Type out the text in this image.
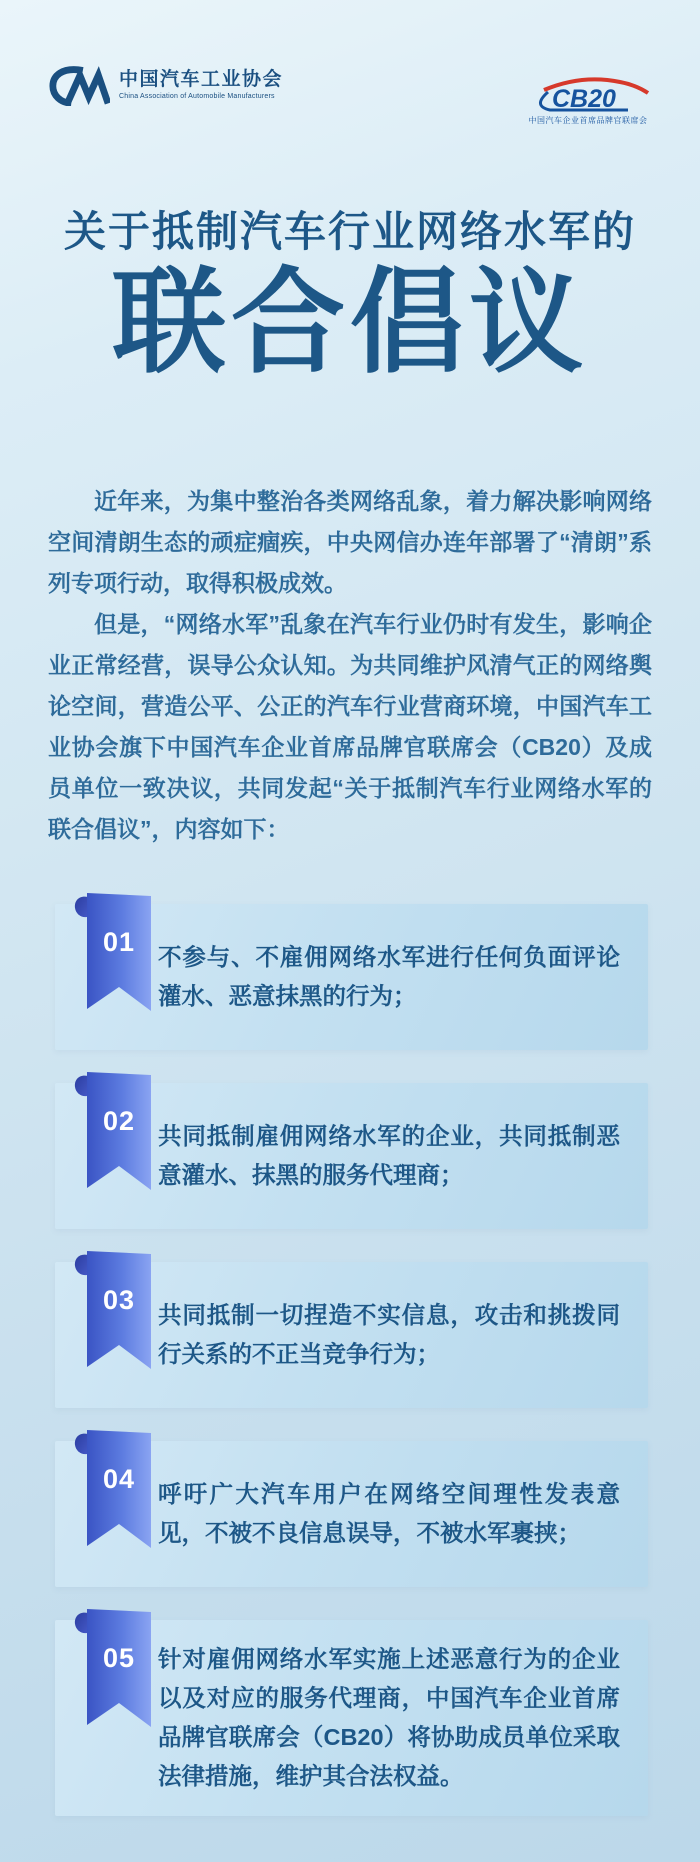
中国汽车工业协会
China Association of Automobile Manufacturers	CB20
中国汽车企业首席品牌官联席会
关于抵制汽车行业网络水军的
联合倡议

近年来，为集中整治各类网络乱象，着力解决影响网络空间清朗生态的顽症痼疾，中央网信办连年部署了“清朗”系列专项行动，取得积极成效。

但是，“网络水军”乱象在汽车行业仍时有发生，影响企业正常经营，误导公众认知。为共同维护风清气正的网络舆论空间，营造公平、公正的汽车行业营商环境，中国汽车工业协会旗下中国汽车企业首席品牌官联席会（CB20）及成员单位一致决议，共同发起“关于抵制汽车行业网络水军的联合倡议”，内容如下：

01 不参与、不雇佣网络水军进行任何负面评论灌水、恶意抹黑的行为；
02 共同抵制雇佣网络水军的企业，共同抵制恶意灌水、抹黑的服务代理商；
03 共同抵制一切捏造不实信息，攻击和挑拨同行关系的不正当竞争行为；
04 呼吁广大汽车用户在网络空间理性发表意见，不被不良信息误导，不被水军裹挟；
05 针对雇佣网络水军实施上述恶意行为的企业以及对应的服务代理商，中国汽车企业首席品牌官联席会（CB20）将协助成员单位采取法律措施，维护其合法权益。
